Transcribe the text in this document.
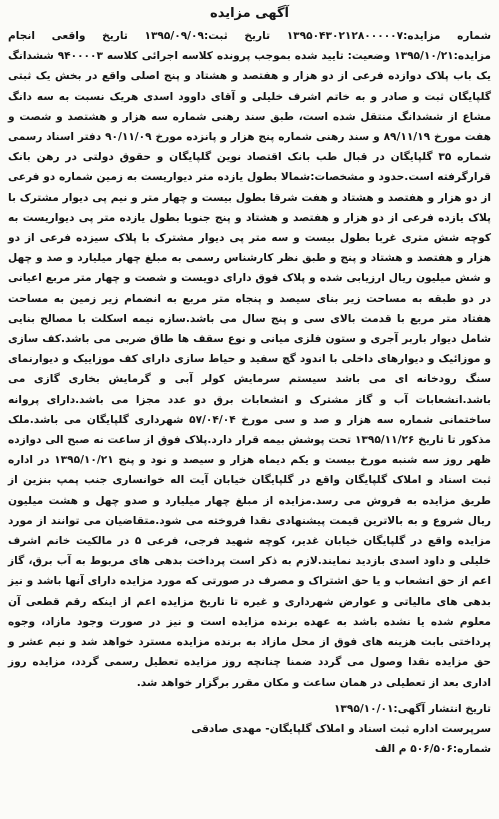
آگهی مزایده
شماره مزایده:۱۳۹۵۰۴۳۰۲۱۲۸۰۰۰۰۰۷ تاریخ ثبت:۱۳۹۵/۰۹/۰۹ تاریخ واقعی انجام مزایده:۱۳۹۵/۱۰/۲۱ وضعیت: تایید شده بموجب پرونده کلاسه اجرائی کلاسه ۹۴۰۰۰۰۳ ششدانگ یک باب پلاک دوازده فرعی از دو هزار و هفتصد و هشتاد و پنج اصلی واقع در بخش یک ثبتی گلپایگان ثبت و صادر و به خاتم اشرف خلیلی و آقای داوود اسدی هریک نسبت به سه دانگ مشاع از ششدانگ منتقل شده است، طبق سند رهنی شماره سه هزار و هشتصد و شصت و هفت مورخ ۸۹/۱۱/۱۹ و سند رهنی شماره پنج هزار و پانزده مورخ ۹۰/۱۱/۰۹ دفتر اسناد رسمی شماره ۳۵ گلپایگان در قبال طب بانک اقتصاد نوین گلپایگان و حقوق دولتی در رهن بانک قرارگرفته است.حدود و مشخصات:شمالا بطول یازده متر دیواریست به زمین شماره دو فرعی از دو هزار و هفتصد و هشتاد و هفت شرقا بطول بیست و چهار متر و نیم پی دیوار مشترک با پلاک یازده فرعی از دو هزار و هفتصد و هشتاد و پنج جنوبا بطول یازده متر پی دیواریست به کوچه شش متری غربا بطول بیست و سه متر پی دیوار مشترک با پلاک سیزده فرعی از دو هزار و هفتصد و هشتاد و پنج و طبق نظر کارشناس رسمی به مبلغ چهار میلیارد و صد و چهل و شش میلیون ریال ارزیابی شده و پلاک فوق دارای دویست و شصت و چهار متر مربع اعیانی در دو طبقه به مساحت زیر بنای سیصد و پنجاه متر مربع به انضمام زیر زمین به مساحت هفتاد متر مربع با قدمت بالای سی و پنج سال می باشد.سازه نیمه اسکلت با مصالح بنایی شامل دیوار باربر آجری و ستون فلزی میانی و نوع سقف ها طاق ضربی می باشد.کف سازی و موزائیک و دیوارهای داخلی با اندود گچ سفید و حیاط سازی دارای کف موزاییک و دیوارنمای سنگ رودخانه ای می باشد سیستم سرمایش کولر آبی و گرمایش بخاری گازی می باشد.انشعابات آب و گاز مشترک و انشعابات برق دو عدد مجزا می باشد.دارای پروانه ساختمانی شماره سه هزار و صد و سی مورخ ۵۷/۰۴/۰۴ شهرداری گلپایگان می باشد.ملک مذکور تا تاریخ ۱۳۹۵/۱۱/۲۶ تحت پوشش بیمه قرار دارد.پلاک فوق از ساعت نه صبح الی دوازده ظهر روز سه شنبه مورخ بیست و یکم دیماه هزار و سیصد و نود و پنج ۱۳۹۵/۱۰/۲۱ در اداره ثبت اسناد و املاک گلپایگان واقع در گلپایگان خیابان آیت اله خوانساری جنب پمپ بنزین از طریق مزایده به فروش می رسد.مزایده از مبلغ چهار میلیارد و صدو چهل و هشت میلیون ریال شروع و به بالاترین قیمت پیشنهادی نقدا فروخته می شود.متقاضیان می توانند از مورد مزایده واقع در گلپایگان خیابان غدیر، کوچه شهید فرجی، فرعی ۵ در مالکیت خانم اشرف خلیلی و داود اسدی بازدید نمایند.لازم به ذکر است پرداخت بدهی های مربوط به آب برق، گاز اعم از حق انشعاب و یا حق اشتراک و مصرف در صورتی که مورد مزایده دارای آنها باشد و نیز بدهی های مالیاتی و عوارض شهرداری و غیره تا تاریخ مزایده اعم از اینکه رقم قطعی آن معلوم شده یا نشده باشد به عهده برنده مزایده است و نیز در صورت وجود مازاد، وجوه پرداختی بابت هزینه های فوق از محل مازاد به برنده مزایده مسترد خواهد شد و نیم عشر و حق مزایده نقدا وصول می گردد ضمنا چنانچه روز مزایده تعطیل رسمی گردد، مزایده روز اداری بعد از تعطیلی در همان ساعت و مکان مقرر برگزار خواهد شد.
تاریخ انتشار آگهی:۱۳۹۵/۱۰/۰۱
سرپرست اداره ثبت اسناد و املاک گلپایگان- مهدی صادقی
شماره:۵۰۶/۵۰۶ م الف
